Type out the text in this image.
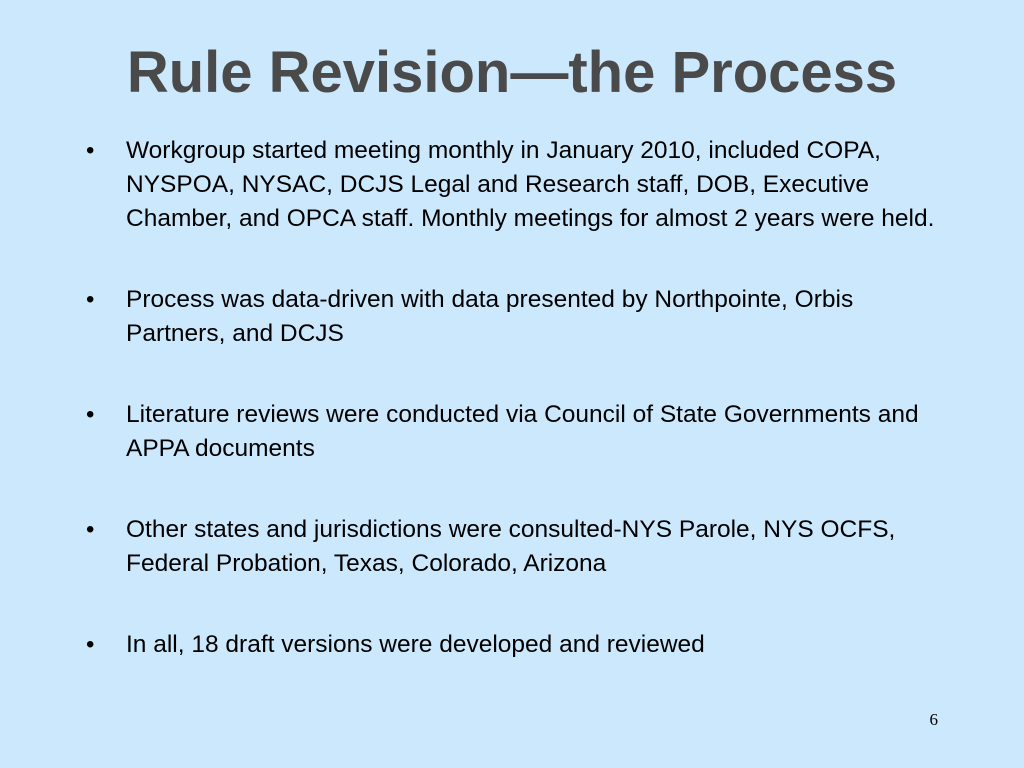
Rule Revision—the Process
•	Workgroup started meeting monthly in January 2010, included COPA, NYSPOA, NYSAC, DCJS Legal and Research staff, DOB, Executive Chamber, and OPCA staff. Monthly meetings for almost 2 years were held.
•	Process was data-driven with data presented by Northpointe, Orbis Partners, and DCJS
•	Literature reviews were conducted via Council of State Governments and APPA documents
•	Other states and jurisdictions were consulted-NYS Parole, NYS OCFS, Federal Probation, Texas, Colorado, Arizona
•	In all, 18 draft versions were developed and reviewed
6
